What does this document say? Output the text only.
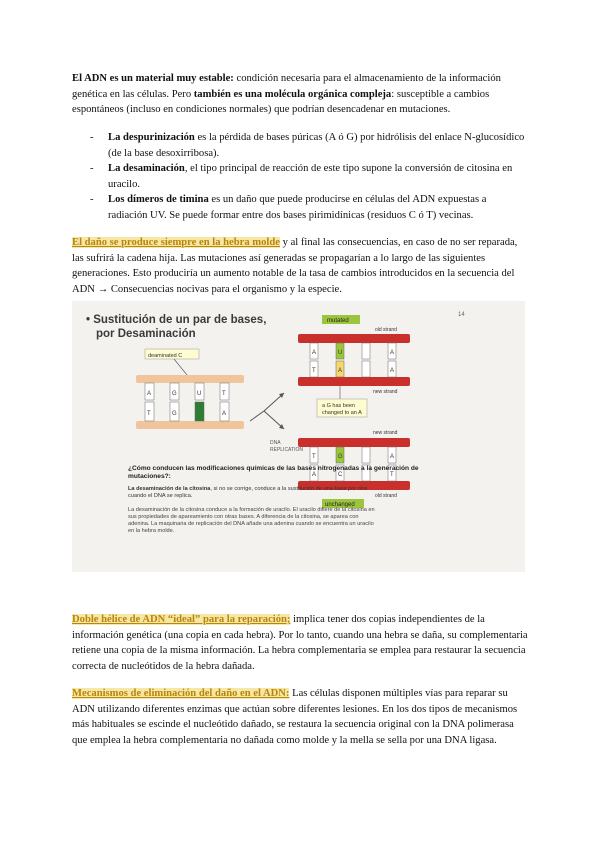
El ADN es un material muy estable: condición necesaria para el almacenamiento de la información genética en las células. Pero también es una molécula orgánica compleja: susceptible a cambios espontáneos (incluso en condiciones normales) que podrían desencadenar en mutaciones.
- La despurinización es la pérdida de bases púricas (A ó G) por hidrólisis del enlace N-glucosídico (de la base desoxirribosa).
- La desaminación, el tipo principal de reacción de este tipo supone la conversión de citosina en uracilo.
- Los dímeros de timina es un daño que puede producirse en células del ADN expuestas a radiación UV. Se puede formar entre dos bases pirimidínicas (residuos C ó T) vecinas.
El daño se produce siempre en la hebra molde y al final las consecuencias, en caso de no ser reparada, las sufrirá la cadena hija. Las mutaciones así generadas se propagarían a lo largo de las siguientes generaciones. Esto produciría un aumento notable de la tasa de cambios introducidos en la secuencia del ADN → Consecuencias nocivas para el organismo y la especie.
• Sustitución de un par de bases,
por Desaminación
14
deaminated C
A	G	U	T
T	G	A
DNA
REPLICATION
mutated
old strand
A	U	A
T	A	A
new strand
a G has been
changed to an A
new strand
T	G	A
A	C	T
old strand
unchanged
¿Cómo conducen las modificaciones químicas de las bases nitrogenadas a la generación de
mutaciones?:
La desaminación de la citosina, si no se corrige, conduce a la sustitución de una base por otra
cuando el DNA se replica.
La desaminación de la citosina conduce a la formación de uracilo. El uracilo difiere de la citosina en
sus propiedades de apareamiento con otras bases. A diferencia de la citosina, se aparea con
adenina. La maquinaria de replicación del DNA añade una adenina cuando se encuentra un uracilo
en la hebra molde.
Doble hélice de ADN “ideal” para la reparación; implica tener dos copias independientes de la información genética (una copia en cada hebra). Por lo tanto, cuando una hebra se daña, su complementaria retiene una copia de la misma información. La hebra complementaria se emplea para restaurar la secuencia correcta de nucleótidos de la hebra dañada.
Mecanismos de eliminación del daño en el ADN: Las células disponen múltiples vías para reparar su ADN utilizando diferentes enzimas que actúan sobre diferentes lesiones. En los dos tipos de mecanismos más habituales se escinde el nucleótido dañado, se restaura la secuencia original con la DNA polimerasa que emplea la hebra complementaria no dañada como molde y la mella se sella por una DNA ligasa.
